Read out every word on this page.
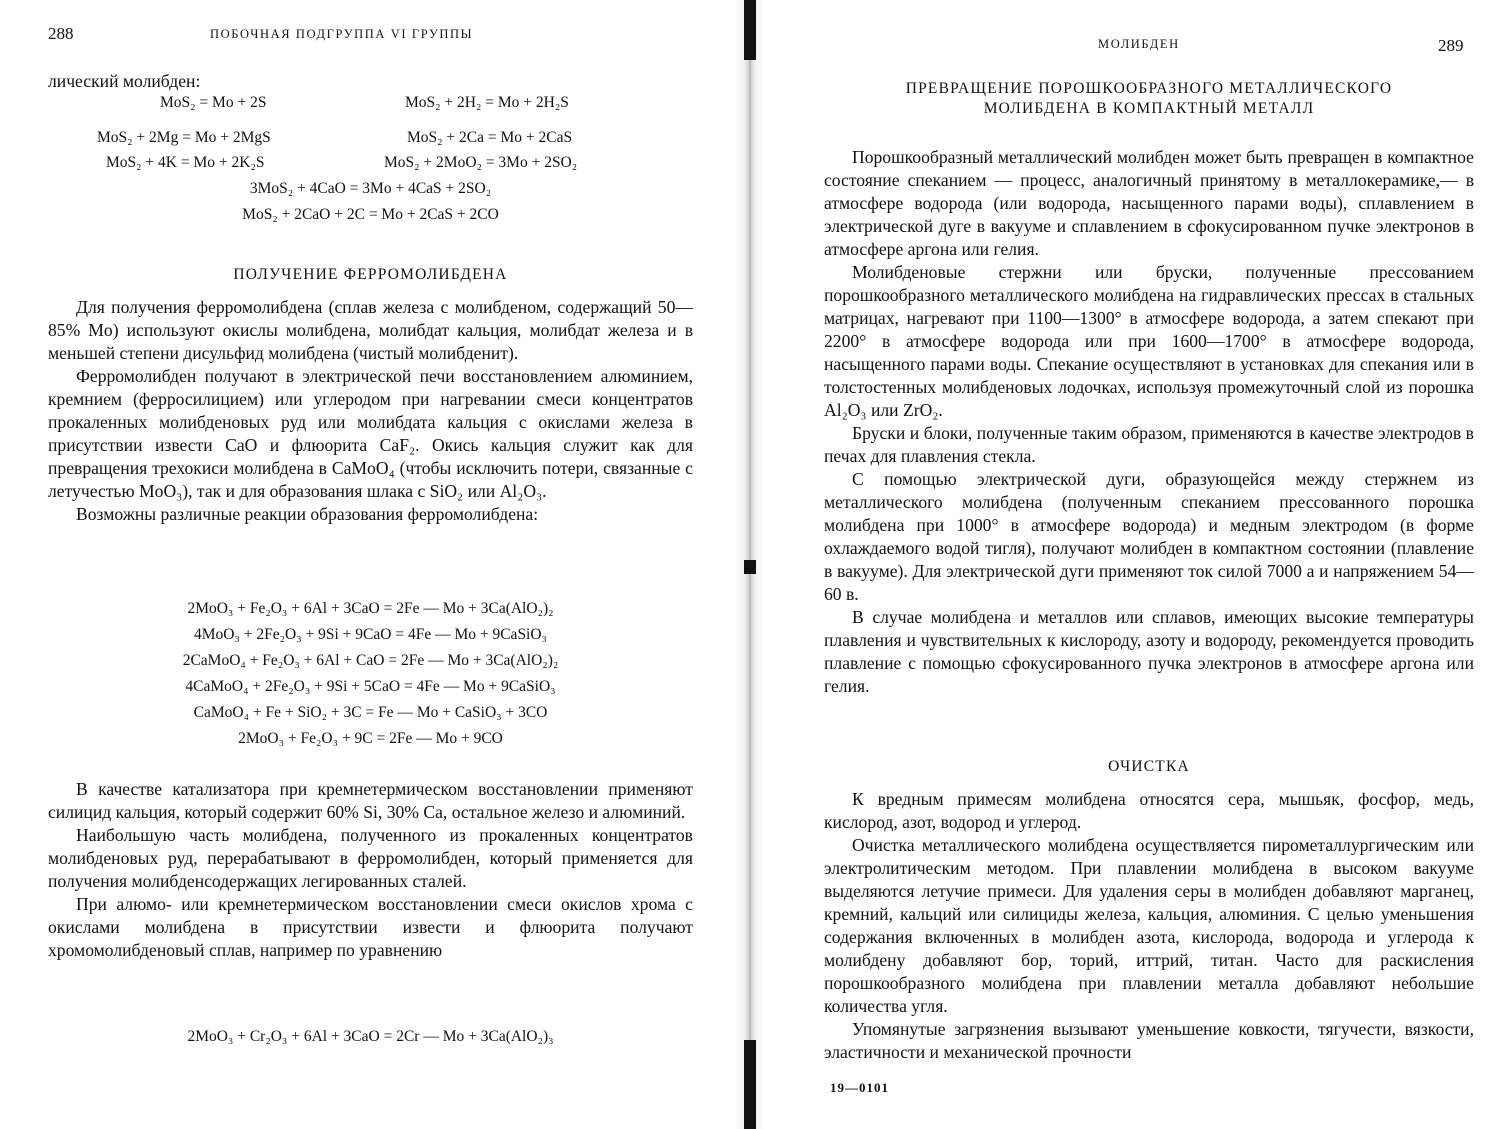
288	ПОБОЧНАЯ ПОДГРУППА VI ГРУППЫ

лический молибден:

MoS₂ = Mo + 2S	MoS₂ + 2H₂ = Mo + 2H₂S
MoS₂ + 2Mg = Mo + 2MgS	MoS₂ + 2Ca = Mo + 2CaS
MoS₂ + 4K = Mo + 2K₂S	MoS₂ + 2MoO₂ = 3Mo + 2SO₂
3MoS₂ + 4CaO = 3Mo + 4CaS + 2SO₂
MoS₂ + 2CaO + 2C = Mo + 2CaS + 2CO
ПОЛУЧЕНИЕ ФЕРРОМОЛИБДЕНА

Для получения ферромолибдена (сплав железа с молибденом, содержащий 50—85% Mo) используют окислы молибдена, молибдат кальция, молибдат железа и в меньшей степени дисульфид молибдена (чистый молибденит).

Ферромолибден получают в электрической печи восстановлением алюминием, кремнием (ферросилицием) или углеродом при нагревании смеси концентратов прокаленных молибденовых руд или молибдата кальция с окислами железа в присутствии извести CaO и флюорита CaF₂. Окись кальция служит как для превращения трехокиси молибдена в CaMoO₄ (чтобы исключить потери, связанные с летучестью MoO₃), так и для образования шлака с SiO₂ или Al₂O₃.

Возможны различные реакции образования ферромолибдена:

2MoO₃ + Fe₂O₃ + 6Al + 3CaO = 2Fe — Mo + 3Ca(AlO₂)₂
4MoO₃ + 2Fe₂O₃ + 9Si + 9CaO = 4Fe — Mo + 9CaSiO₃
2CaMoO₄ + Fe₂O₃ + 6Al + CaO = 2Fe — Mo + 3Ca(AlO₂)₂
4CaMoO₄ + 2Fe₂O₃ + 9Si + 5CaO = 4Fe — Mo + 9CaSiO₃
CaMoO₄ + Fe + SiO₂ + 3C = Fe — Mo + CaSiO₃ + 3CO
2MoO₃ + Fe₂O₃ + 9C = 2Fe — Mo + 9CO

В качестве катализатора при кремнетермическом восстановлении применяют силицид кальция, который содержит 60% Si, 30% Ca, остальное железо и алюминий.

Наибольшую часть молибдена, полученного из прокаленных концентратов молибденовых руд, перерабатывают в ферромолибден, который применяется для получения молибденсодержащих легированных сталей.

При алюмо- или кремнетермическом восстановлении смеси окислов хрома с окислами молибдена в присутствии извести и флюорита получают хромомолибденовый сплав, например по уравнению

2MoO₃ + Cr₂O₃ + 6Al + 3CaO = 2Cr — Mo + 3Ca(AlO₂)₃
МОЛИБДЕН	289
ПРЕВРАЩЕНИЕ ПОРОШКООБРАЗНОГО МЕТАЛЛИЧЕСКОГО
МОЛИБДЕНА В КОМПАКТНЫЙ МЕТАЛЛ

Порошкообразный металлический молибден может быть превращен в компактное состояние спеканием — процесс, аналогичный принятому в металлокерамике,— в атмосфере водорода (или водорода, насыщенного парами воды), сплавлением в электрической дуге в вакууме и сплавлением в сфокусированном пучке электронов в атмосфере аргона или гелия.

Молибденовые стержни или бруски, полученные прессованием порошкообразного металлического молибдена на гидравлических прессах в стальных матрицах, нагревают при 1100—1300° в атмосфере водорода, а затем спекают при 2200° в атмосфере водорода или при 1600—1700° в атмосфере водорода, насыщенного парами воды. Спекание осуществляют в установках для спекания или в толстостенных молибденовых лодочках, используя промежуточный слой из порошка Al₂O₃ или ZrO₂.

Бруски и блоки, полученные таким образом, применяются в качестве электродов в печах для плавления стекла.

С помощью электрической дуги, образующейся между стержнем из металлического молибдена (полученным спеканием прессованного порошка молибдена при 1000° в атмосфере водорода) и медным электродом (в форме охлаждаемого водой тигля), получают молибден в компактном состоянии (плавление в вакууме). Для электрической дуги применяют ток силой 7000 а и напряжением 54—60 в.

В случае молибдена и металлов или сплавов, имеющих высокие температуры плавления и чувствительных к кислороду, азоту и водороду, рекомендуется проводить плавление с помощью сфокусированного пучка электронов в атмосфере аргона или гелия.

ОЧИСТКА

К вредным примесям молибдена относятся сера, мышьяк, фосфор, медь, кислород, азот, водород и углерод.

Очистка металлического молибдена осуществляется пирометаллургическим или электролитическим методом. При плавлении молибдена в высоком вакууме выделяются летучие примеси. Для удаления серы в молибден добавляют марганец, кремний, кальций или силициды железа, кальция, алюминия. С целью уменьшения содержания включенных в молибден азота, кислорода, водорода и углерода к молибдену добавляют бор, торий, иттрий, титан. Часто для раскисления порошкообразного молибдена при плавлении металла добавляют небольшие количества угля.

Упомянутые загрязнения вызывают уменьшение ковкости, тягучести, вязкости, эластичности и механической прочности

19—0101
